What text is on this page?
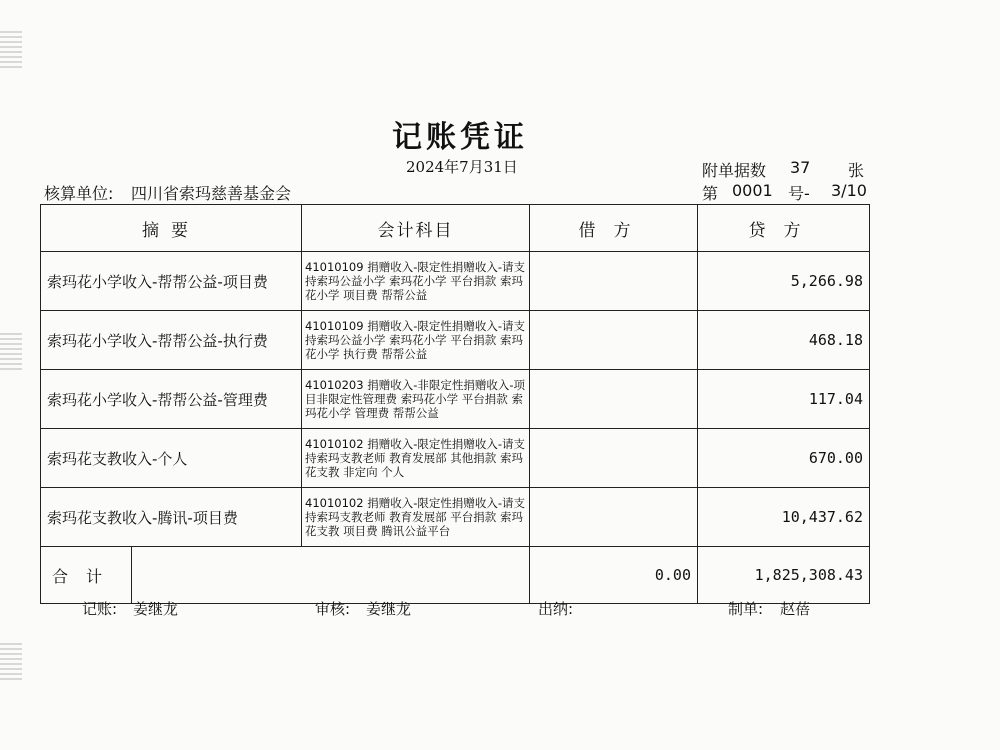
记账凭证
2024年7月31日	附单据数 37 张
核算单位: 四川省索玛慈善基金会	第 0001 号- 3/10
摘要	会计科目	借方	贷方
索玛花小学收入-帮帮公益-项目费	41010109 捐赠收入-限定性捐赠收入-请支持索玛公益小学 索玛花小学 平台捐款 索玛花小学 项目费 帮帮公益		5,266.98
索玛花小学收入-帮帮公益-执行费	41010109 捐赠收入-限定性捐赠收入-请支持索玛公益小学 索玛花小学 平台捐款 索玛花小学 执行费 帮帮公益		468.18
索玛花小学收入-帮帮公益-管理费	41010203 捐赠收入-非限定性捐赠收入-项目非限定性管理费 索玛花小学 平台捐款 索玛花小学 管理费 帮帮公益		117.04
索玛花支教收入-个人	41010102 捐赠收入-限定性捐赠收入-请支持索玛支教老师 教育发展部 其他捐款 索玛花支教 非定向 个人		670.00
索玛花支教收入-腾讯-项目费	41010102 捐赠收入-限定性捐赠收入-请支持索玛支教老师 教育发展部 平台捐款 索玛花支教 项目费 腾讯公益平台		10,437.62

合计		0.00	1,825,308.43
记账: 姜继龙	审核: 姜继龙	出纳:	制单: 赵蓓
